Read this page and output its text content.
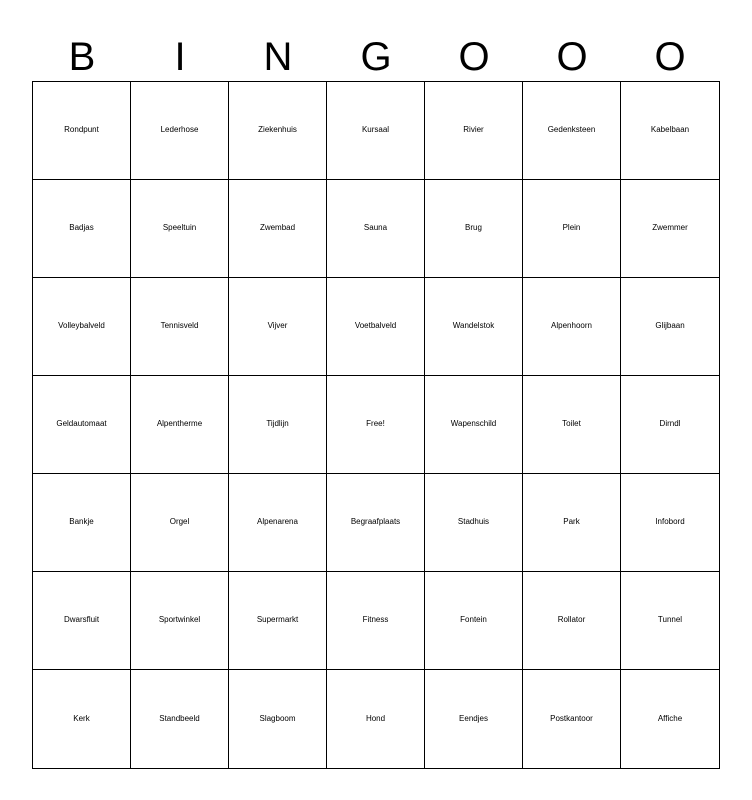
B	I	N	G	O	O	O
Rondpunt	Lederhose	Ziekenhuis	Kursaal	Rivier	Gedenksteen	Kabelbaan
Badjas	Speeltuin	Zwembad	Sauna	Brug	Plein	Zwemmer
Volleybalveld	Tennisveld	Vijver	Voetbalveld	Wandelstok	Alpenhoorn	Glijbaan
Geldautomaat	Alpentherme	Tijdlijn	Free!	Wapenschild	Toilet	Dirndl
Bankje	Orgel	Alpenarena	Begraafplaats	Stadhuis	Park	Infobord
Dwarsfluit	Sportwinkel	Supermarkt	Fitness	Fontein	Rollator	Tunnel
Kerk	Standbeeld	Slagboom	Hond	Eendjes	Postkantoor	Affiche
